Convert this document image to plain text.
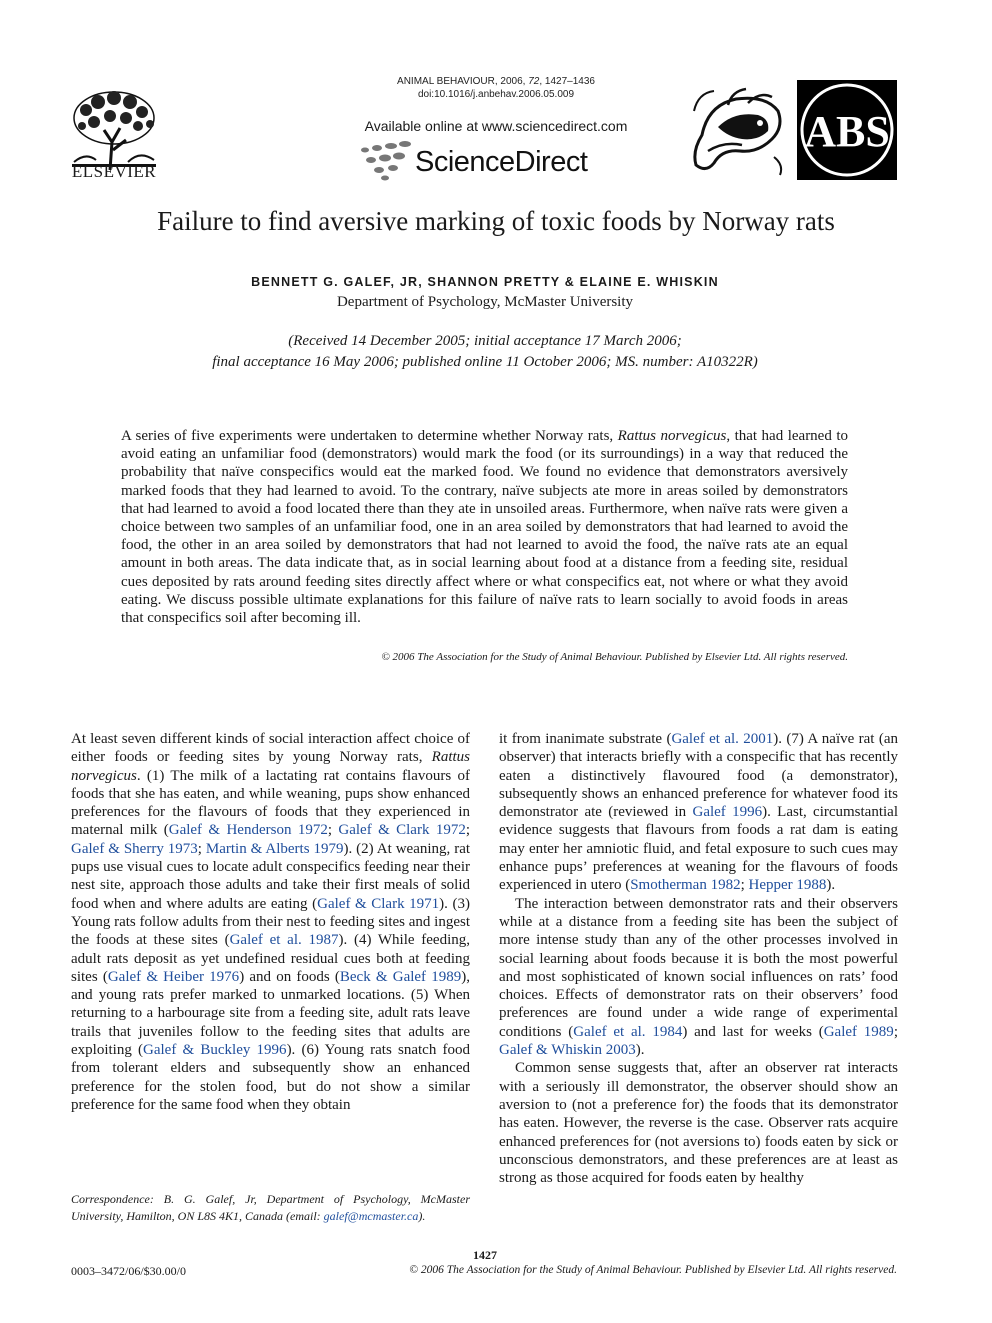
ELSEVIER
ANIMAL BEHAVIOUR, 2006, 72, 1427–1436
doi:10.1016/j.anbehav.2006.05.009
Available online at www.sciencedirect.com
ScienceDirect
ABS
Failure to find aversive marking of toxic foods by Norway rats
BENNETT G. GALEF, JR, SHANNON PRETTY & ELAINE E. WHISKIN
Department of Psychology, McMaster University
(Received 14 December 2005; initial acceptance 17 March 2006;
final acceptance 16 May 2006; published online 11 October 2006; MS. number: A10322R)
A series of five experiments were undertaken to determine whether Norway rats, Rattus norvegicus, that had learned to avoid eating an unfamiliar food (demonstrators) would mark the food (or its surroundings) in a way that reduced the probability that naïve conspecifics would eat the marked food. We found no evidence that demonstrators aversively marked foods that they had learned to avoid. To the contrary, naïve subjects ate more in areas soiled by demonstrators that had learned to avoid a food located there than they ate in unsoiled areas. Furthermore, when naïve rats were given a choice between two samples of an unfamiliar food, one in an area soiled by demonstrators that had learned to avoid the food, the other in an area soiled by demonstrators that had not learned to avoid the food, the naïve rats ate an equal amount in both areas. The data indicate that, as in social learning about food at a distance from a feeding site, residual cues deposited by rats around feeding sites directly affect where or what conspecifics eat, not where or what they avoid eating. We discuss possible ultimate explanations for this failure of naïve rats to learn socially to avoid foods in areas that conspecifics soil after becoming ill.
© 2006 The Association for the Study of Animal Behaviour. Published by Elsevier Ltd. All rights reserved.

At least seven different kinds of social interaction affect choice of either foods or feeding sites by young Norway rats, Rattus norvegicus. (1) The milk of a lactating rat contains flavours of foods that she has eaten, and while weaning, pups show enhanced preferences for the flavours of foods that they experienced in maternal milk (Galef & Henderson 1972; Galef & Clark 1972; Galef & Sherry 1973; Martin & Alberts 1979). (2) At weaning, rat pups use visual cues to locate adult conspecifics feeding near their nest site, approach those adults and take their first meals of solid food when and where adults are eating (Galef & Clark 1971). (3) Young rats follow adults from their nest to feeding sites and ingest the foods at these sites (Galef et al. 1987). (4) While feeding, adult rats deposit as yet undefined residual cues both at feeding sites (Galef & Heiber 1976) and on foods (Beck & Galef 1989), and young rats prefer marked to unmarked locations. (5) When returning to a harbourage site from a feeding site, adult rats leave trails that juveniles follow to the feeding sites that adults are exploiting (Galef & Buckley 1996). (6) Young rats snatch food from tolerant elders and subsequently show an enhanced preference for the stolen food, but do not show a similar preference for the same food when they obtain

Correspondence: B. G. Galef, Jr, Department of Psychology, McMaster University, Hamilton, ON L8S 4K1, Canada (email: galef@mcmaster.ca).

it from inanimate substrate (Galef et al. 2001). (7) A naïve rat (an observer) that interacts briefly with a conspecific that has recently eaten a distinctively flavoured food (a demonstrator), subsequently shows an enhanced preference for whatever food its demonstrator ate (reviewed in Galef 1996). Last, circumstantial evidence suggests that flavours from foods a rat dam is eating may enter her amniotic fluid, and fetal exposure to such cues may enhance pups’ preferences at weaning for the flavours of foods experienced in utero (Smotherman 1982; Hepper 1988).

The interaction between demonstrator rats and their observers while at a distance from a feeding site has been the subject of more intense study than any of the other processes involved in social learning about foods because it is both the most powerful and most sophisticated of known social influences on rats’ food choices. Effects of demonstrator rats on their observers’ food preferences are found under a wide range of experimental conditions (Galef et al. 1984) and last for weeks (Galef 1989; Galef & Whiskin 2003).

Common sense suggests that, after an observer rat interacts with a seriously ill demonstrator, the observer should show an aversion to (not a preference for) the foods that its demonstrator has eaten. However, the reverse is the case. Observer rats acquire enhanced preferences for (not aversions to) foods eaten by sick or unconscious demonstrators, and these preferences are at least as strong as those acquired for foods eaten by healthy

1427
0003–3472/06/$30.00/0	© 2006 The Association for the Study of Animal Behaviour. Published by Elsevier Ltd. All rights reserved.
